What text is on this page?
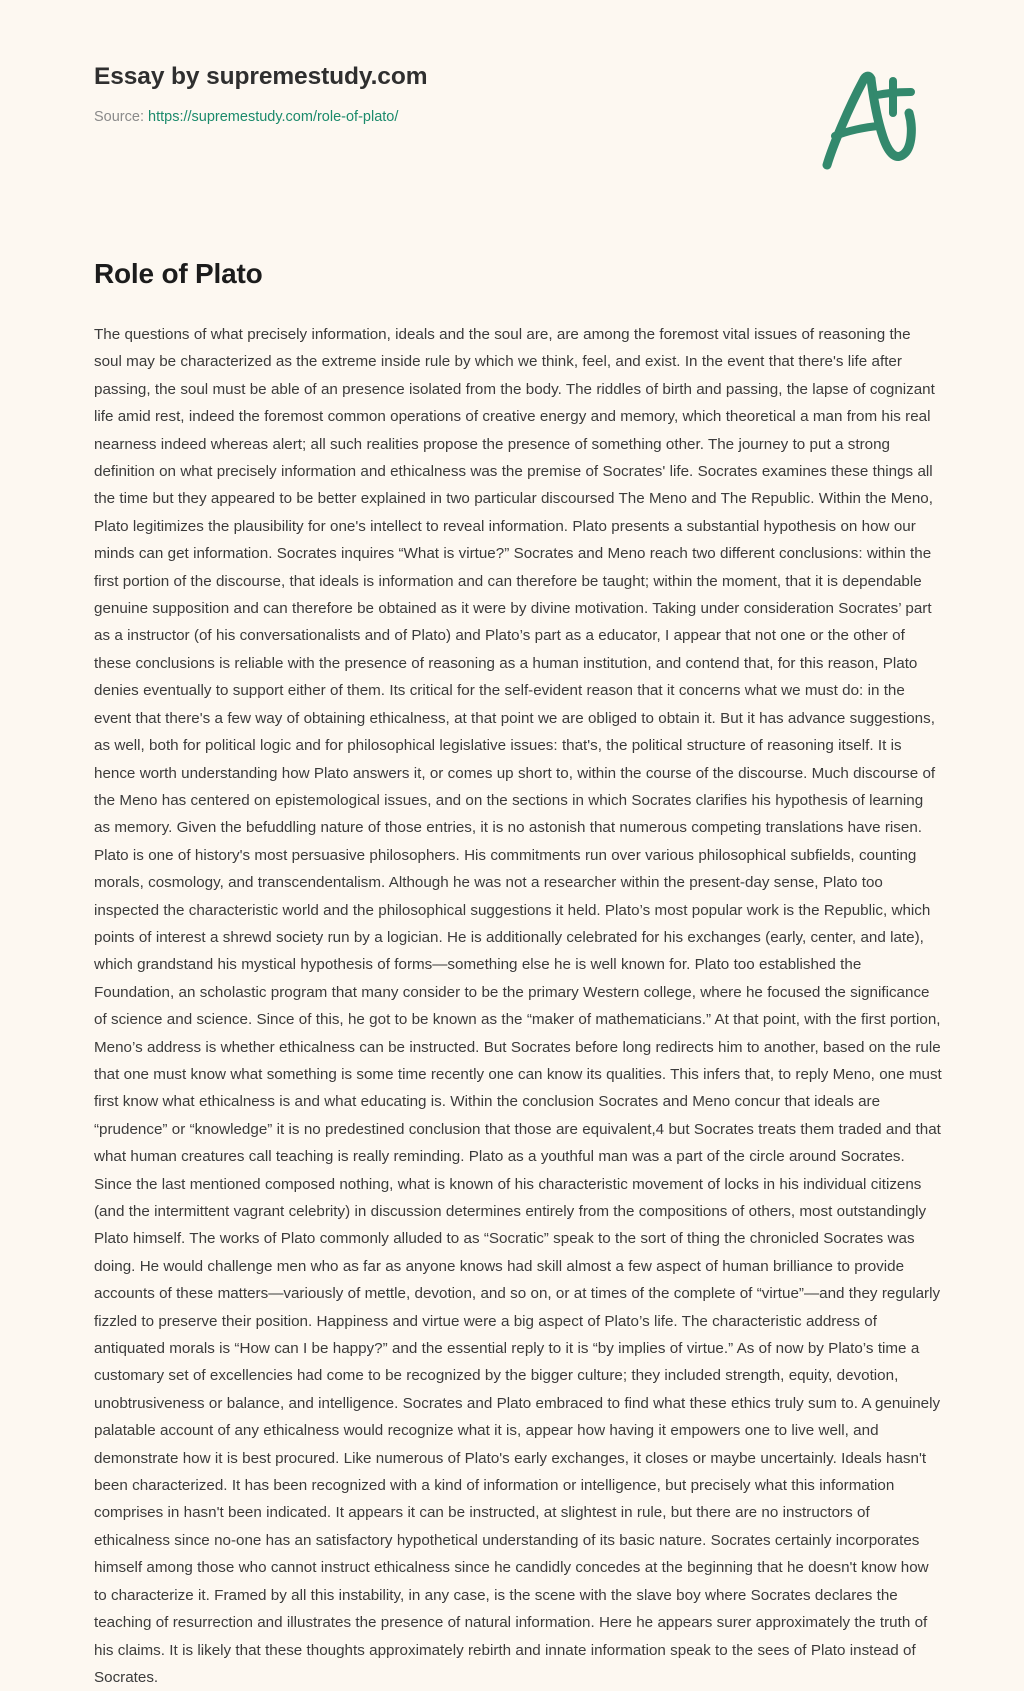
Essay by supremestudy.com
Source: https://supremestudy.com/role-of-plato/
Role of Plato

The questions of what precisely information, ideals and the soul are, are among the foremost vital issues of reasoning the soul may be characterized as the extreme inside rule by which we think, feel, and exist. In the event that there's life after passing, the soul must be able of an presence isolated from the body. The riddles of birth and passing, the lapse of cognizant life amid rest, indeed the foremost common operations of creative energy and memory, which theoretical a man from his real nearness indeed whereas alert; all such realities propose the presence of something other. The journey to put a strong definition on what precisely information and ethicalness was the premise of Socrates' life. Socrates examines these things all the time but they appeared to be better explained in two particular discoursed The Meno and The Republic. Within the Meno, Plato legitimizes the plausibility for one's intellect to reveal information. Plato presents a substantial hypothesis on how our minds can get information. Socrates inquires “What is virtue?” Socrates and Meno reach two different conclusions: within the first portion of the discourse, that ideals is information and can therefore be taught; within the moment, that it is dependable genuine supposition and can therefore be obtained as it were by divine motivation. Taking under consideration Socrates’ part as a instructor (of his conversationalists and of Plato) and Plato’s part as a educator, I appear that not one or the other of these conclusions is reliable with the presence of reasoning as a human institution, and contend that, for this reason, Plato denies eventually to support either of them. Its critical for the self-evident reason that it concerns what we must do: in the event that there's a few way of obtaining ethicalness, at that point we are obliged to obtain it. But it has advance suggestions, as well, both for political logic and for philosophical legislative issues: that's, the political structure of reasoning itself. It is hence worth understanding how Plato answers it, or comes up short to, within the course of the discourse. Much discourse of the Meno has centered on epistemological issues, and on the sections in which Socrates clarifies his hypothesis of learning as memory. Given the befuddling nature of those entries, it is no astonish that numerous competing translations have risen. Plato is one of history's most persuasive philosophers. His commitments run over various philosophical subfields, counting morals, cosmology, and transcendentalism. Although he was not a researcher within the present-day sense, Plato too inspected the characteristic world and the philosophical suggestions it held. Plato’s most popular work is the Republic, which points of interest a shrewd society run by a logician. He is additionally celebrated for his exchanges (early, center, and late), which grandstand his mystical hypothesis of forms—something else he is well known for. Plato too established the Foundation, an scholastic program that many consider to be the primary Western college, where he focused the significance of science and science. Since of this, he got to be known as the “maker of mathematicians.” At that point, with the first portion, Meno’s address is whether ethicalness can be instructed. But Socrates before long redirects him to another, based on the rule that one must know what something is some time recently one can know its qualities. This infers that, to reply Meno, one must first know what ethicalness is and what educating is. Within the conclusion Socrates and Meno concur that ideals are “prudence” or “knowledge” it is no predestined conclusion that those are equivalent,4 but Socrates treats them traded and that what human creatures call teaching is really reminding. Plato as a youthful man was a part of the circle around Socrates. Since the last mentioned composed nothing, what is known of his characteristic movement of locks in his individual citizens (and the intermittent vagrant celebrity) in discussion determines entirely from the compositions of others, most outstandingly Plato himself. The works of Plato commonly alluded to as “Socratic” speak to the sort of thing the chronicled Socrates was doing. He would challenge men who as far as anyone knows had skill almost a few aspect of human brilliance to provide accounts of these matters—variously of mettle, devotion, and so on, or at times of the complete of “virtue”—and they regularly fizzled to preserve their position. Happiness and virtue were a big aspect of Plato’s life. The characteristic address of antiquated morals is “How can I be happy?” and the essential reply to it is “by implies of virtue.” As of now by Plato’s time a customary set of excellencies had come to be recognized by the bigger culture; they included strength, equity, devotion, unobtrusiveness or balance, and intelligence. Socrates and Plato embraced to find what these ethics truly sum to. A genuinely palatable account of any ethicalness would recognize what it is, appear how having it empowers one to live well, and demonstrate how it is best procured. Like numerous of Plato's early exchanges, it closes or maybe uncertainly. Ideals hasn't been characterized. It has been recognized with a kind of information or intelligence, but precisely what this information comprises in hasn't been indicated. It appears it can be instructed, at slightest in rule, but there are no instructors of ethicalness since no-one has an satisfactory hypothetical understanding of its basic nature. Socrates certainly incorporates himself among those who cannot instruct ethicalness since he candidly concedes at the beginning that he doesn't know how to characterize it. Framed by all this instability, in any case, is the scene with the slave boy where Socrates declares the teaching of resurrection and illustrates the presence of natural information. Here he appears surer approximately the truth of his claims. It is likely that these thoughts approximately rebirth and innate information speak to the sees of Plato instead of Socrates.
